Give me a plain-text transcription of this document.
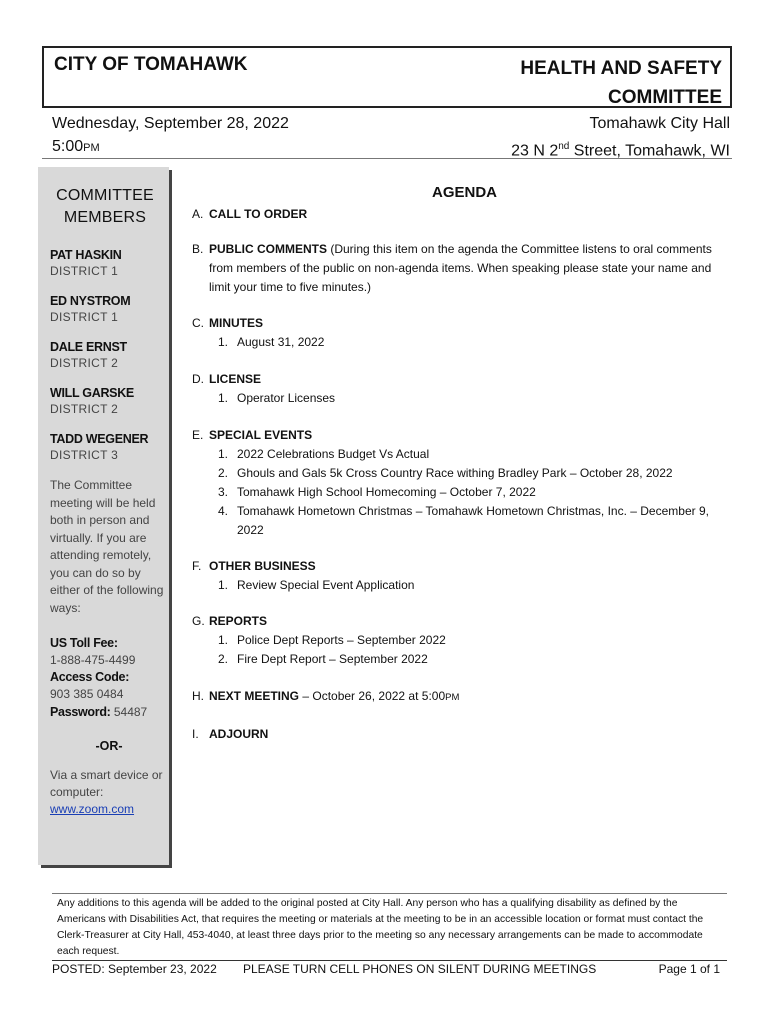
CITY OF TOMAHAWK	HEALTH AND SAFETY
COMMITTEE
Wednesday, September 28, 2022
5:00PM
Tomahawk City Hall
23 N 2nd Street, Tomahawk, WI
COMMITTEE
MEMBERS
PAT HASKIN
DISTRICT 1
ED NYSTROM
DISTRICT 1
DALE ERNST
DISTRICT 2
WILL GARSKE
DISTRICT 2
TADD WEGENER
DISTRICT 3
The Committee meeting will be held both in person and virtually. If you are attending remotely, you can do so by either of the following ways:
US Toll Fee:
1-888-475-4499
Access Code:
903 385 0484
Password: 54487
-OR-
Via a smart device or computer:
www.zoom.com
AGENDA
A. CALL TO ORDER
B. PUBLIC COMMENTS (During this item on the agenda the Committee listens to oral comments from members of the public on non-agenda items. When speaking please state your name and limit your time to five minutes.)
C. MINUTES
1. August 31, 2022
D. LICENSE
1. Operator Licenses
E. SPECIAL EVENTS
1. 2022 Celebrations Budget Vs Actual
2. Ghouls and Gals 5k Cross Country Race withing Bradley Park – October 28, 2022
3. Tomahawk High School Homecoming – October 7, 2022
4. Tomahawk Hometown Christmas – Tomahawk Hometown Christmas, Inc. – December 9, 2022
F. OTHER BUSINESS
1. Review Special Event Application
G. REPORTS
1. Police Dept Reports – September 2022
2. Fire Dept Report – September 2022
H. NEXT MEETING – October 26, 2022 at 5:00PM
I. ADJOURN
Any additions to this agenda will be added to the original posted at City Hall. Any person who has a qualifying disability as defined by the Americans with Disabilities Act, that requires the meeting or materials at the meeting to be in an accessible location or format must contact the Clerk-Treasurer at City Hall, 453-4040, at least three days prior to the meeting so any necessary arrangements can be made to accommodate each request.
POSTED: September 23, 2022 PLEASE TURN CELL PHONES ON SILENT DURING MEETINGS	Page 1 of 1
